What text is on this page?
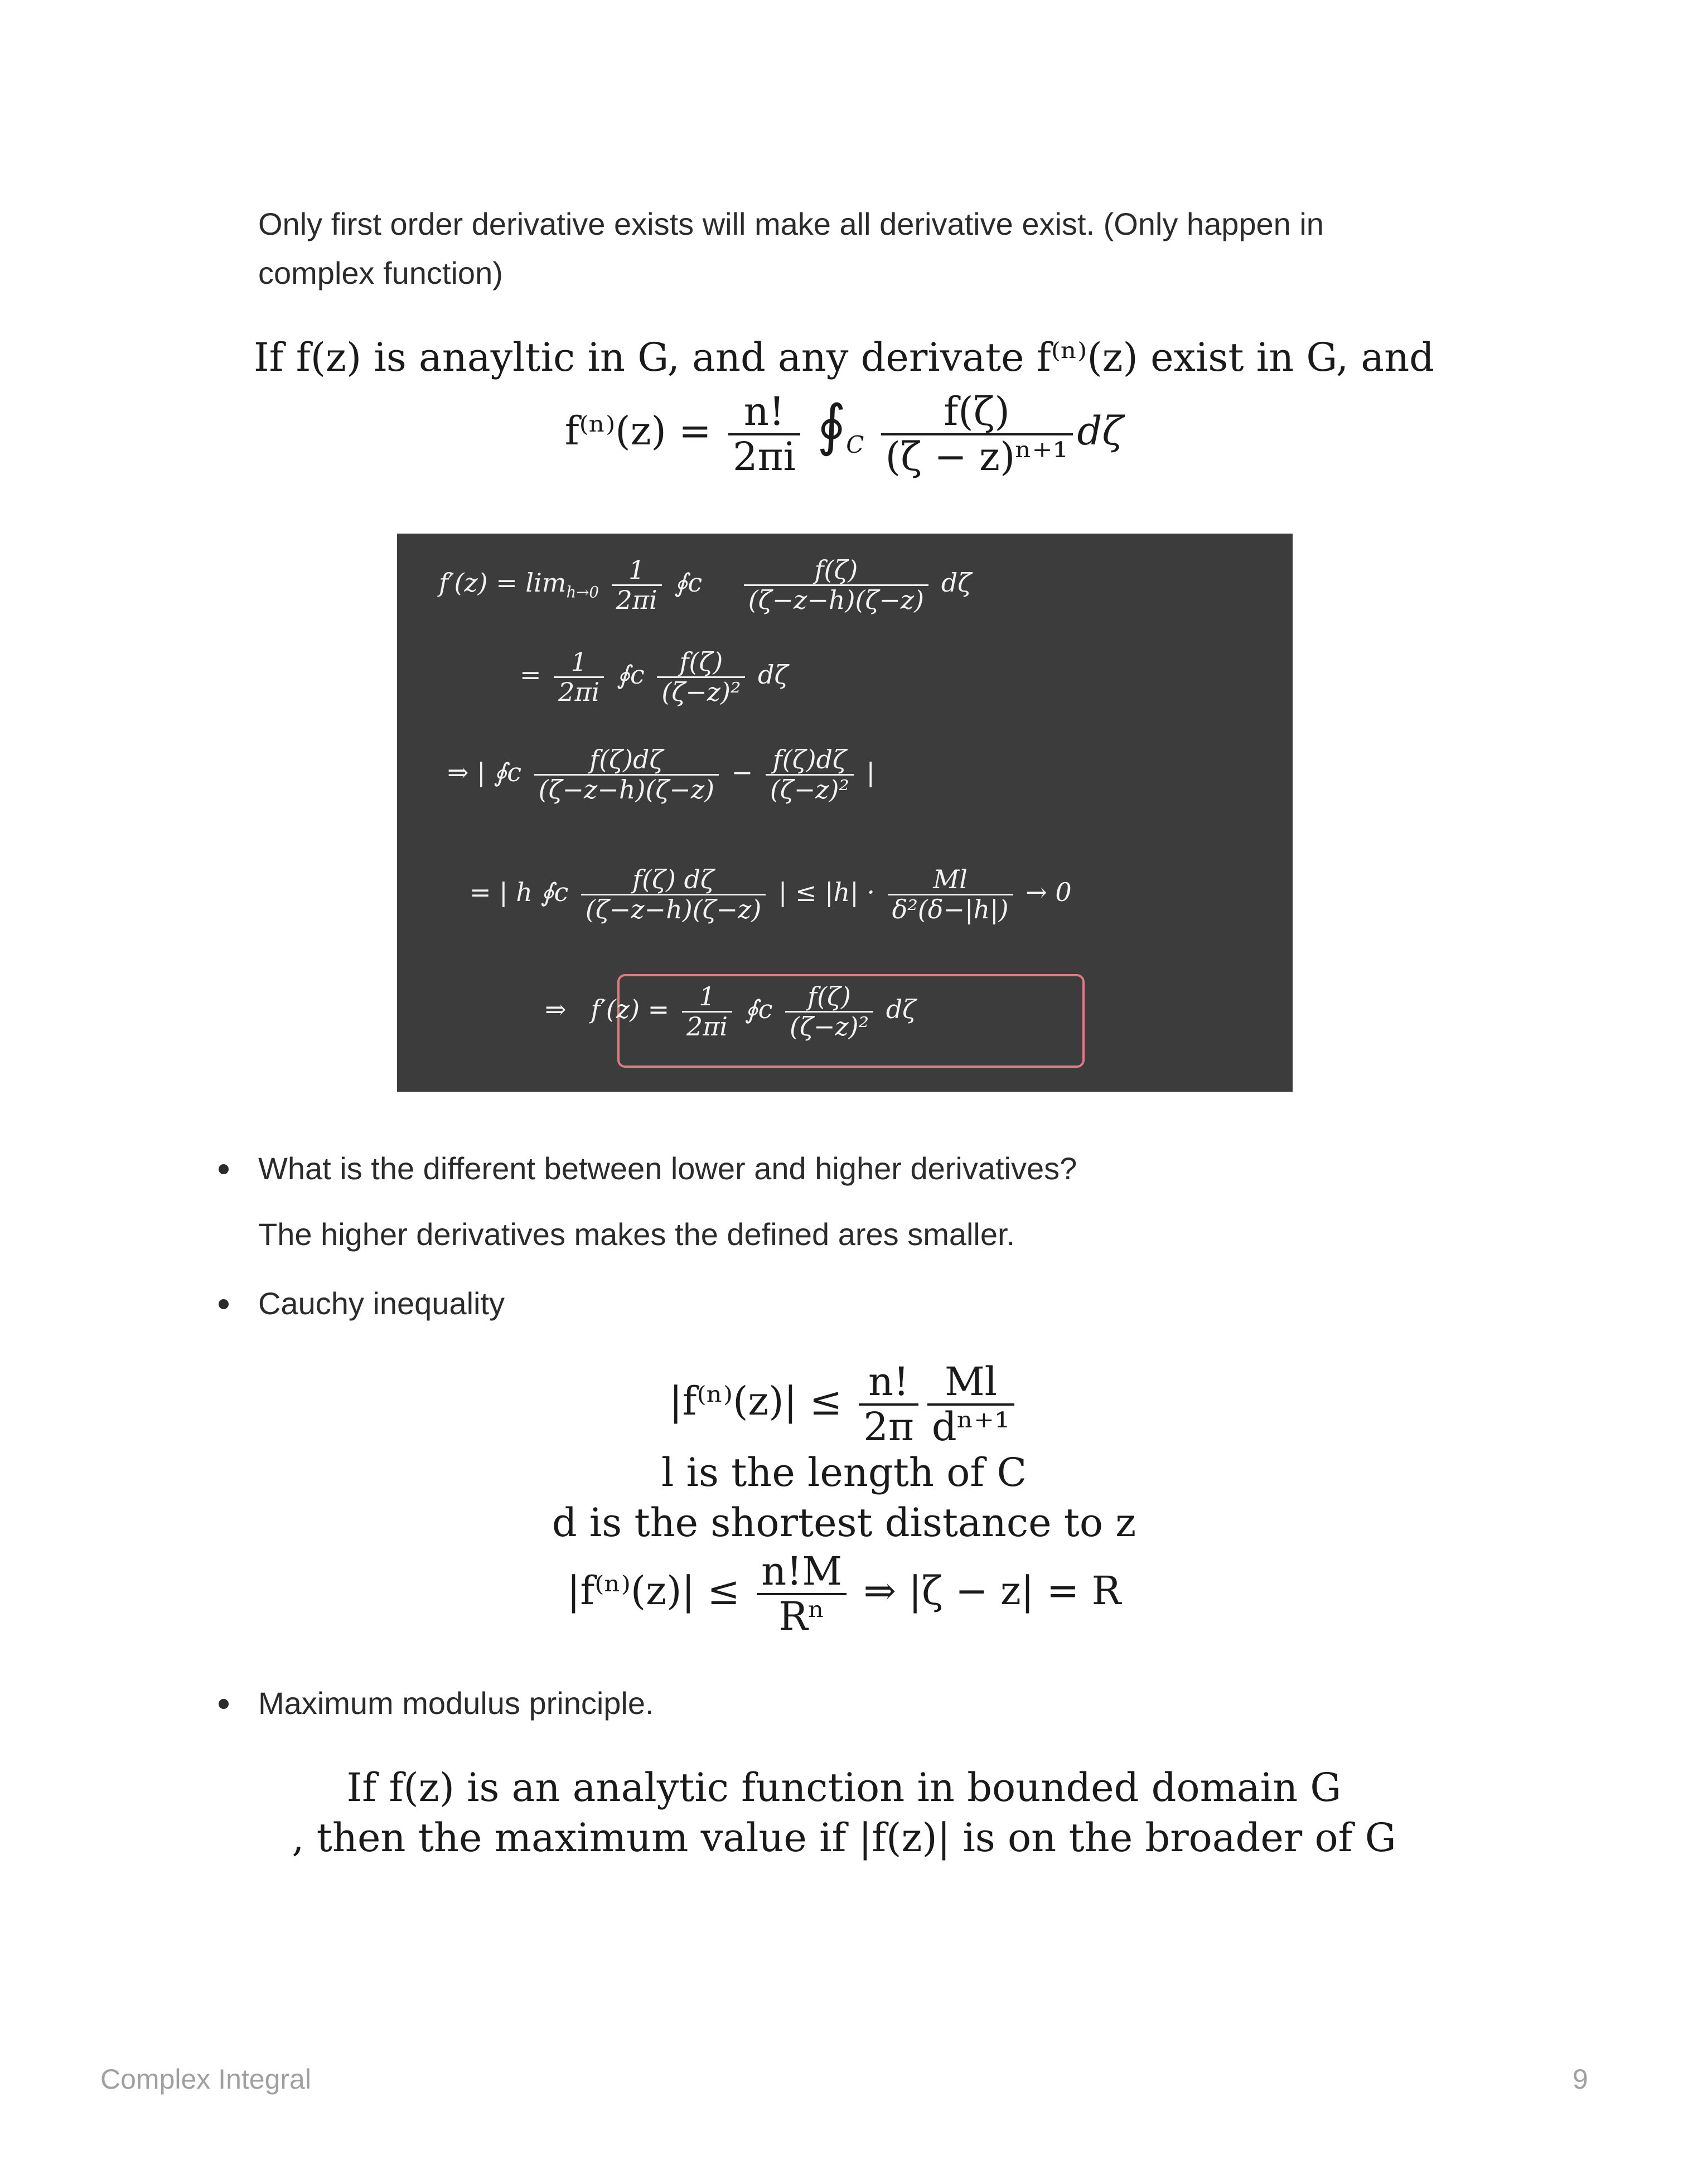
Only first order derivative exists will make all derivative exist. (Only happen in
complex function)
If f(z) is anayltic in G, and any derivate f⁽ⁿ⁾(z) exist in G, and
$f^{(n)}(z) = \frac{n!}{2\pi i}$ $∮_C \frac{f(\zeta)}{\text{(ζ − z)ⁿ⁺¹}}$ dζ
$f'(z) = \lim_{h\to 0} \frac{1}{2\pi i}$ ∮c $\frac{f(\zeta)}{(\zeta-z-h)(\zeta-z)}$ dζ
= $\frac{1}{2\pi i}$ ∮c $\frac{f(\zeta)}{\text{(ζ−z)²}}$ dζ
⇒ | ∮c $\frac{f(\zeta)d\zeta}{(\zeta-z-h)(\zeta-z)} - \frac{f(\zeta)d\zeta}{\text{(ζ−z)²}}$ |
= | h ∮c $\frac{f(\zeta) d\zeta}{(\zeta-z-h)(\zeta-z)}$ | ≤ $|h| \cdot \frac{Ml}{\text{δ²(δ−|h|)}} \to 0$
⇒ $f'(z) = \frac{1}{2\pi i}$ ∮c $\frac{f(\zeta)}{\text{(ζ−z)²}}$ dζ
What is the different between lower and higher derivatives?
The higher derivatives makes the defined ares smaller.
Cauchy inequality
$|f^{(n)}(z)| \le \frac{n!}{2\pi} \frac{Ml}{\text{dⁿ⁺¹}}$
l is the length of C
d is the shortest distance to z
$|f^{(n)}(z)| \le \frac{n!M}{\text{Rⁿ}}$ ⇒ |ζ − z| = R
Maximum modulus principle.
If f(z) is an analytic function in bounded domain G
, then the maximum value if |f(z)| is on the broader of G
Complex Integral	9
